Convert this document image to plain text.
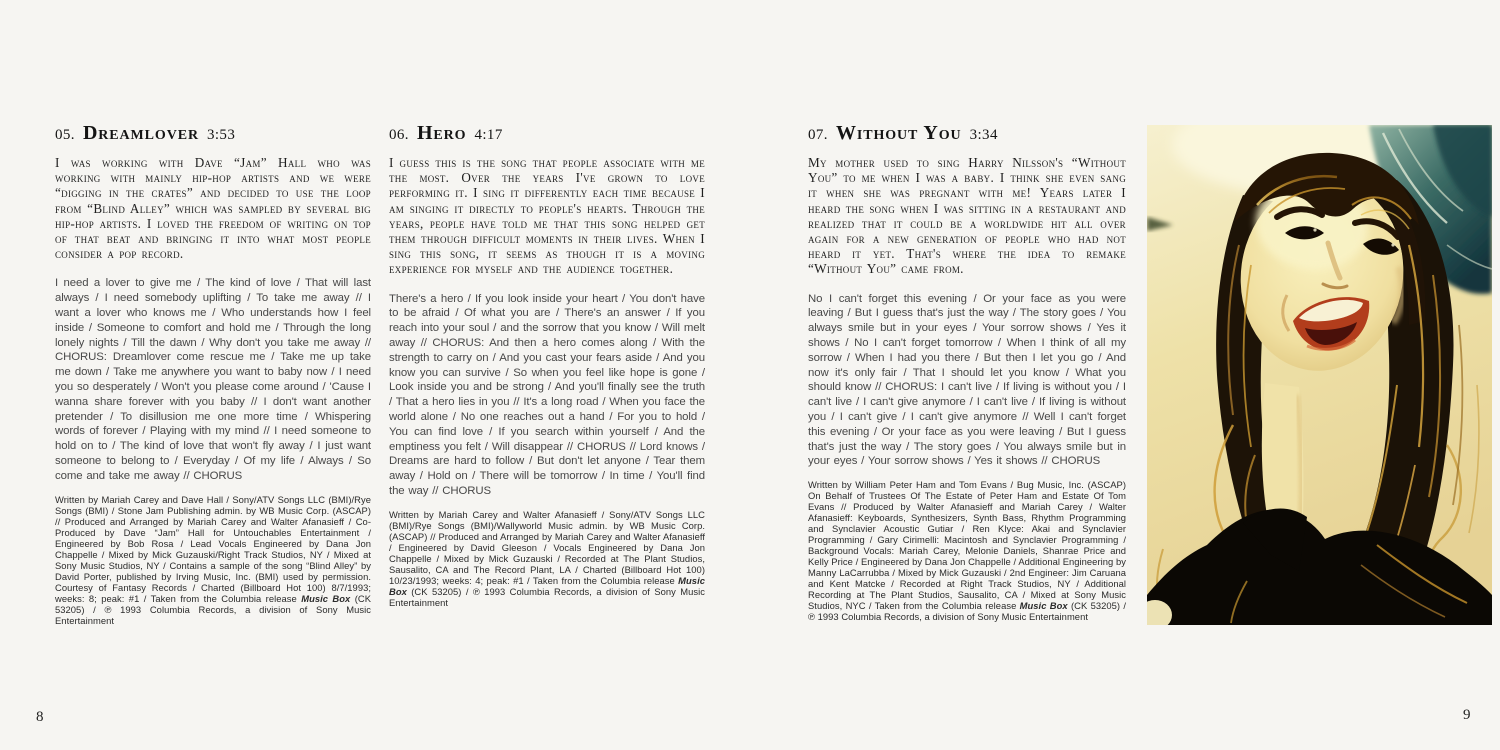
05. Dreamlover 3:53

I was working with Dave “Jam” Hall who was working with mainly hip-hop artists and we were “digging in the crates” and decided to use the loop from “Blind Alley” which was sampled by several big hip-hop artists. I loved the freedom of writing on top of that beat and bringing it into what most people consider a pop record.

I need a lover to give me / The kind of love / That will last always / I need somebody uplifting / To take me away // I want a lover who knows me / Who understands how I feel inside / Someone to comfort and hold me / Through the long lonely nights / Till the dawn / Why don't you take me away // CHORUS: Dreamlover come rescue me / Take me up take me down / Take me anywhere you want to baby now / I need you so desperately / Won't you please come around / 'Cause I wanna share forever with you baby // I don't want another pretender / To disillusion me one more time / Whispering words of forever / Playing with my mind // I need someone to hold on to / The kind of love that won't fly away / I just want someone to belong to / Everyday / Of my life / Always / So come and take me away // CHORUS

Written by Mariah Carey and Dave Hall / Sony/ATV Songs LLC (BMI)/Rye Songs (BMI) / Stone Jam Publishing admin. by WB Music Corp. (ASCAP) // Produced and Arranged by Mariah Carey and Walter Afanasieff / Co-Produced by Dave “Jam” Hall for Untouchables Entertainment / Engineered by Bob Rosa / Lead Vocals Engineered by Dana Jon Chappelle / Mixed by Mick Guzauski/Right Track Studios, NY / Mixed at Sony Music Studios, NY / Contains a sample of the song “Blind Alley” by David Porter, published by Irving Music, Inc. (BMI) used by permission. Courtesy of Fantasy Records / Charted (Billboard Hot 100) 8/7/1993; weeks: 8; peak: #1 / Taken from the Columbia release Music Box (CK 53205) / ℗ 1993 Columbia Records, a division of Sony Music Entertainment

06. Hero 4:17

I guess this is the song that people associate with me the most. Over the years I've grown to love performing it. I sing it differently each time because I am singing it directly to people's hearts. Through the years, people have told me that this song helped get them through difficult moments in their lives. When I sing this song, it seems as though it is a moving experience for myself and the audience together.

There's a hero / If you look inside your heart / You don't have to be afraid / Of what you are / There's an answer / If you reach into your soul / and the sorrow that you know / Will melt away // CHORUS: And then a hero comes along / With the strength to carry on / And you cast your fears aside / And you know you can survive / So when you feel like hope is gone / Look inside you and be strong / And you'll finally see the truth / That a hero lies in you // It's a long road / When you face the world alone / No one reaches out a hand / For you to hold / You can find love / If you search within yourself / And the emptiness you felt / Will disappear // CHORUS // Lord knows / Dreams are hard to follow / But don't let anyone / Tear them away / Hold on / There will be tomorrow / In time / You'll find the way // CHORUS

Written by Mariah Carey and Walter Afanasieff / Sony/ATV Songs LLC (BMI)/Rye Songs (BMI)/Wallyworld Music admin. by WB Music Corp. (ASCAP) // Produced and Arranged by Mariah Carey and Walter Afanasieff / Engineered by David Gleeson / Vocals Engineered by Dana Jon Chappelle / Mixed by Mick Guzauski / Recorded at The Plant Studios, Sausalito, CA and The Record Plant, LA / Charted (Billboard Hot 100) 10/23/1993; weeks: 4; peak: #1 / Taken from the Columbia release Music Box (CK 53205) / ℗ 1993 Columbia Records, a division of Sony Music Entertainment

07. Without You 3:34

My mother used to sing Harry Nilsson's “Without You” to me when I was a baby. I think she even sang it when she was pregnant with me! Years later I heard the song when I was sitting in a restaurant and realized that it could be a worldwide hit all over again for a new generation of people who had not heard it yet. That's where the idea to remake “Without You” came from.

No I can't forget this evening / Or your face as you were leaving / But I guess that's just the way / The story goes / You always smile but in your eyes / Your sorrow shows / Yes it shows / No I can't forget tomorrow / When I think of all my sorrow / When I had you there / But then I let you go / And now it's only fair / That I should let you know / What you should know // CHORUS: I can't live / If living is without you / I can't live / I can't give anymore / I can't live / If living is without you / I can't give / I can't give anymore // Well I can't forget this evening / Or your face as you were leaving / But I guess that's just the way / The story goes / You always smile but in your eyes / Your sorrow shows / Yes it shows // CHORUS

Written by William Peter Ham and Tom Evans / Bug Music, Inc. (ASCAP) On Behalf of Trustees Of The Estate of Peter Ham and Estate Of Tom Evans // Produced by Walter Afanasieff and Mariah Carey / Walter Afanasieff: Keyboards, Synthesizers, Synth Bass, Rhythm Programming and Synclavier Acoustic Gutiar / Ren Klyce: Akai and Synclavier Programming / Gary Cirimelli: Macintosh and Synclavier Programming / Background Vocals: Mariah Carey, Melonie Daniels, Shanrae Price and Kelly Price / Engineered by Dana Jon Chappelle / Additional Engineering by Manny LaCarrubba / Mixed by Mick Guzauski / 2nd Engineer: Jim Caruana and Kent Matcke / Recorded at Right Track Studios, NY / Additional Recording at The Plant Studios, Sausalito, CA / Mixed at Sony Music Studios, NYC / Taken from the Columbia release Music Box (CK 53205) / ℗ 1993 Columbia Records, a division of Sony Music Entertainment

8	9
